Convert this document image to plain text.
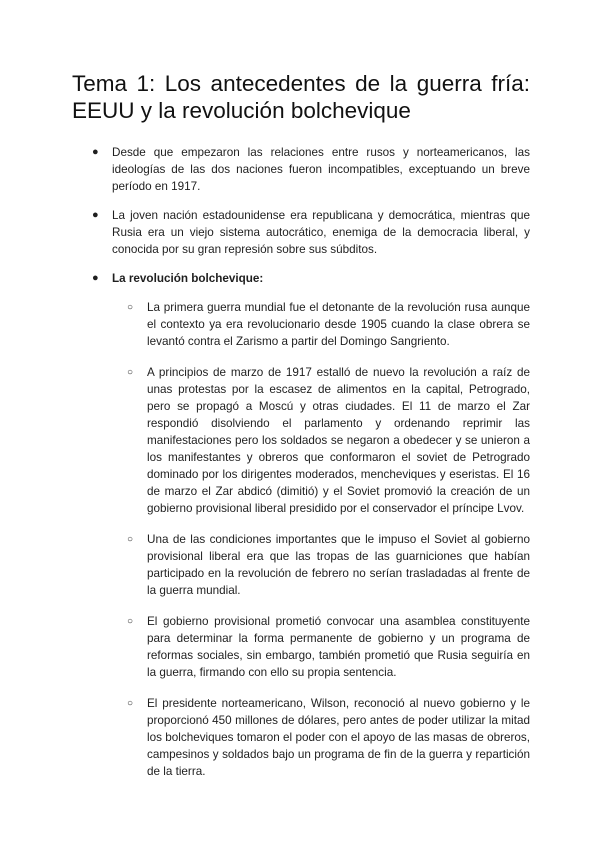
Tema 1: Los antecedentes de la guerra fría: EEUU y la revolución bolchevique
● Desde que empezaron las relaciones entre rusos y norteamericanos, las ideologías de las dos naciones fueron incompatibles, exceptuando un breve período en 1917.
● La joven nación estadounidense era republicana y democrática, mientras que Rusia era un viejo sistema autocrático, enemiga de la democracia liberal, y conocida por su gran represión sobre sus súbditos.
● La revolución bolchevique:
○ La primera guerra mundial fue el detonante de la revolución rusa aunque el contexto ya era revolucionario desde 1905 cuando la clase obrera se levantó contra el Zarismo a partir del Domingo Sangriento.
○ A principios de marzo de 1917 estalló de nuevo la revolución a raíz de unas protestas por la escasez de alimentos en la capital, Petrogrado, pero se propagó a Moscú y otras ciudades. El 11 de marzo el Zar respondió disolviendo el parlamento y ordenando reprimir las manifestaciones pero los soldados se negaron a obedecer y se unieron a los manifestantes y obreros que conformaron el soviet de Petrogrado dominado por los dirigentes moderados, mencheviques y eseristas. El 16 de marzo el Zar abdicó (dimitió) y el Soviet promovió la creación de un gobierno provisional liberal presidido por el conservador el príncipe Lvov.
○ Una de las condiciones importantes que le impuso el Soviet al gobierno provisional liberal era que las tropas de las guarniciones que habían participado en la revolución de febrero no serían trasladadas al frente de la guerra mundial.
○ El gobierno provisional prometió convocar una asamblea constituyente para determinar la forma permanente de gobierno y un programa de reformas sociales, sin embargo, también prometió que Rusia seguiría en la guerra, firmando con ello su propia sentencia.
○ El presidente norteamericano, Wilson, reconoció al nuevo gobierno y le proporcionó 450 millones de dólares, pero antes de poder utilizar la mitad los bolcheviques tomaron el poder con el apoyo de las masas de obreros, campesinos y soldados bajo un programa de fin de la guerra y repartición de la tierra.
